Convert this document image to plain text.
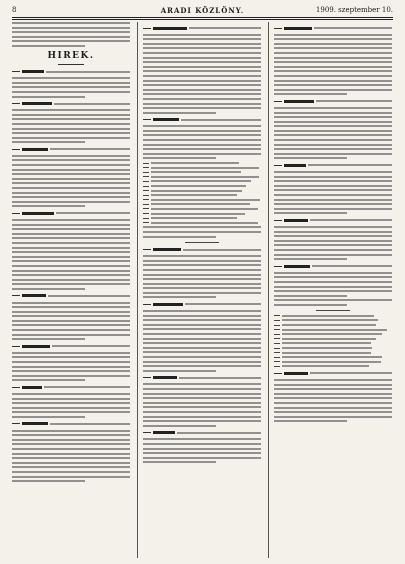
8	ARADI KÖZLÖNY.	1909. szeptember 10.
HIREK.
